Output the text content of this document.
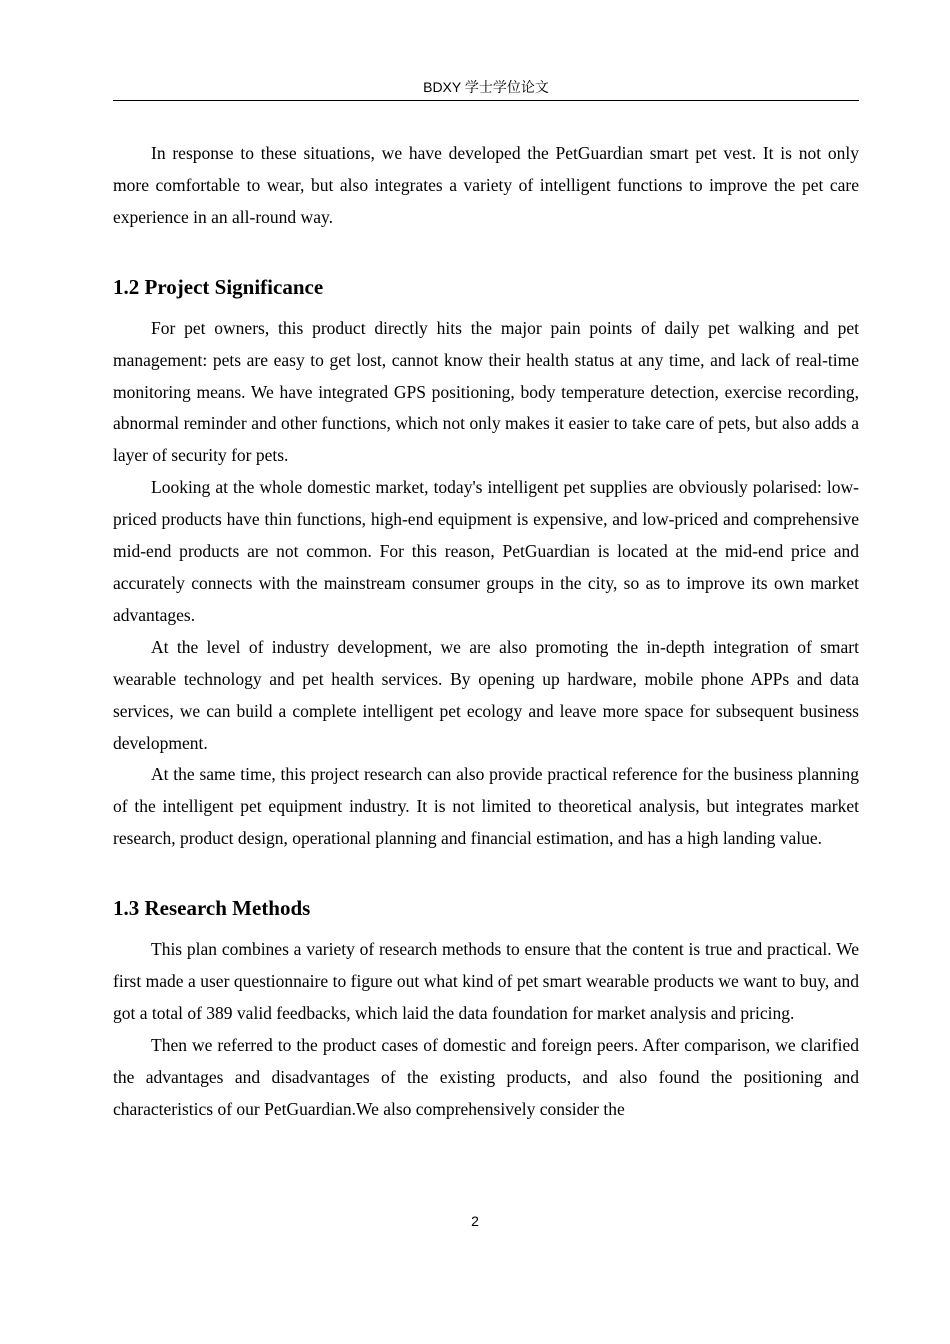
BDXY 学士学位论文

In response to these situations, we have developed the PetGuardian smart pet vest. It is not only more comfortable to wear, but also integrates a variety of intelligent functions to improve the pet care experience in an all-round way.

1.2 Project Significance

For pet owners, this product directly hits the major pain points of daily pet walking and pet management: pets are easy to get lost, cannot know their health status at any time, and lack of real-time monitoring means. We have integrated GPS positioning, body temperature detection, exercise recording, abnormal reminder and other functions, which not only makes it easier to take care of pets, but also adds a layer of security for pets.

Looking at the whole domestic market, today's intelligent pet supplies are obviously polarised: low-priced products have thin functions, high-end equipment is expensive, and low-priced and comprehensive mid-end products are not common. For this reason, PetGuardian is located at the mid-end price and accurately connects with the mainstream consumer groups in the city, so as to improve its own market advantages.

At the level of industry development, we are also promoting the in-depth integration of smart wearable technology and pet health services. By opening up hardware, mobile phone APPs and data services, we can build a complete intelligent pet ecology and leave more space for subsequent business development.

At the same time, this project research can also provide practical reference for the business planning of the intelligent pet equipment industry. It is not limited to theoretical analysis, but integrates market research, product design, operational planning and financial estimation, and has a high landing value.

1.3 Research Methods

This plan combines a variety of research methods to ensure that the content is true and practical. We first made a user questionnaire to figure out what kind of pet smart wearable products we want to buy, and got a total of 389 valid feedbacks, which laid the data foundation for market analysis and pricing.

Then we referred to the product cases of domestic and foreign peers. After comparison, we clarified the advantages and disadvantages of the existing products, and also found the positioning and characteristics of our PetGuardian.We also comprehensively consider the

2
